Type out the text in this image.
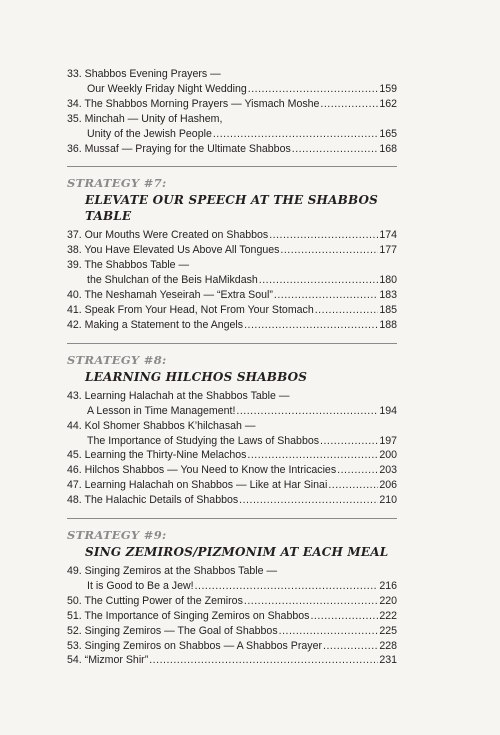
33. Shabbos Evening Prayers —
Our Weekly Friday Night Wedding .....	159
34. The Shabbos Morning Prayers — Yismach Moshe .....	162
35. Minchah — Unity of Hashem,
Unity of the Jewish People .....	165
36. Mussaf — Praying for the Ultimate Shabbos .....	168
STRATEGY #7:
ELEVATE OUR SPEECH AT THE SHABBOS TABLE
37. Our Mouths Were Created on Shabbos .....	174
38. You Have Elevated Us Above All Tongues .....	177
39. The Shabbos Table —
the Shulchan of the Beis HaMikdash .....	180
40. The Neshamah Yeseirah — “Extra Soul” .....	183
41. Speak From Your Head, Not From Your Stomach .....	185
42. Making a Statement to the Angels .....	188
STRATEGY #8:
LEARNING HILCHOS SHABBOS
43. Learning Halachah at the Shabbos Table —
A Lesson in Time Management! .....	194
44. Kol Shomer Shabbos K’hilchasah —
The Importance of Studying the Laws of Shabbos .....	197
45. Learning the Thirty-Nine Melachos .....	200
46. Hilchos Shabbos — You Need to Know the Intricacies .....	203
47. Learning Halachah on Shabbos — Like at Har Sinai .....	206
48. The Halachic Details of Shabbos .....	210
STRATEGY #9:
SING ZEMIROS/PIZMONIM AT EACH MEAL
49. Singing Zemiros at the Shabbos Table —
It is Good to Be a Jew! .....	216
50. The Cutting Power of the Zemiros .....	220
51. The Importance of Singing Zemiros on Shabbos .....	222
52. Singing Zemiros — The Goal of Shabbos .....	225
53. Singing Zemiros on Shabbos — A Shabbos Prayer .....	228
54. “Mizmor Shir” .....	231
